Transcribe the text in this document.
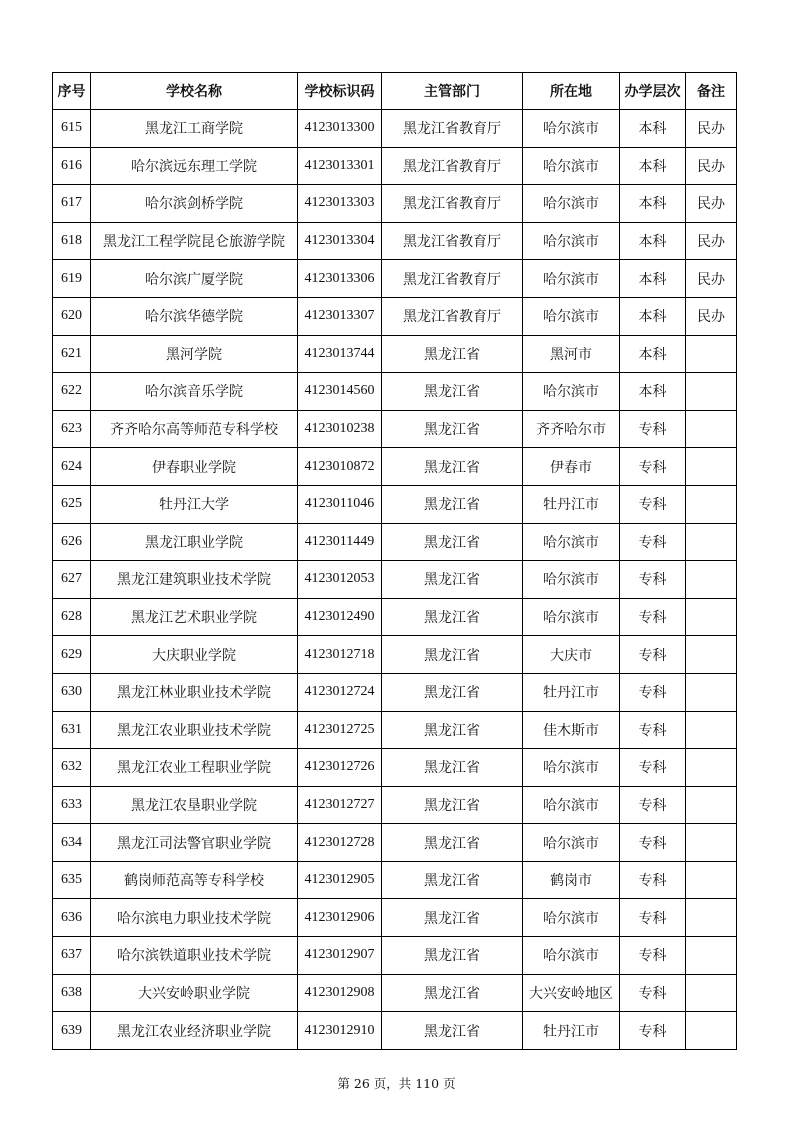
序号	学校名称	学校标识码	主管部门	所在地	办学层次	备注
615	黑龙江工商学院	4123013300	黑龙江省教育厅	哈尔滨市	本科	民办
616	哈尔滨远东理工学院	4123013301	黑龙江省教育厅	哈尔滨市	本科	民办
617	哈尔滨剑桥学院	4123013303	黑龙江省教育厅	哈尔滨市	本科	民办
618	黑龙江工程学院昆仑旅游学院	4123013304	黑龙江省教育厅	哈尔滨市	本科	民办
619	哈尔滨广厦学院	4123013306	黑龙江省教育厅	哈尔滨市	本科	民办
620	哈尔滨华德学院	4123013307	黑龙江省教育厅	哈尔滨市	本科	民办
621	黑河学院	4123013744	黑龙江省	黑河市	本科	
622	哈尔滨音乐学院	4123014560	黑龙江省	哈尔滨市	本科	
623	齐齐哈尔高等师范专科学校	4123010238	黑龙江省	齐齐哈尔市	专科	
624	伊春职业学院	4123010872	黑龙江省	伊春市	专科	
625	牡丹江大学	4123011046	黑龙江省	牡丹江市	专科	
626	黑龙江职业学院	4123011449	黑龙江省	哈尔滨市	专科	
627	黑龙江建筑职业技术学院	4123012053	黑龙江省	哈尔滨市	专科	
628	黑龙江艺术职业学院	4123012490	黑龙江省	哈尔滨市	专科	
629	大庆职业学院	4123012718	黑龙江省	大庆市	专科	
630	黑龙江林业职业技术学院	4123012724	黑龙江省	牡丹江市	专科	
631	黑龙江农业职业技术学院	4123012725	黑龙江省	佳木斯市	专科	
632	黑龙江农业工程职业学院	4123012726	黑龙江省	哈尔滨市	专科	
633	黑龙江农垦职业学院	4123012727	黑龙江省	哈尔滨市	专科	
634	黑龙江司法警官职业学院	4123012728	黑龙江省	哈尔滨市	专科	
635	鹤岗师范高等专科学校	4123012905	黑龙江省	鹤岗市	专科	
636	哈尔滨电力职业技术学院	4123012906	黑龙江省	哈尔滨市	专科	
637	哈尔滨铁道职业技术学院	4123012907	黑龙江省	哈尔滨市	专科	
638	大兴安岭职业学院	4123012908	黑龙江省	大兴安岭地区	专科	
639	黑龙江农业经济职业学院	4123012910	黑龙江省	牡丹江市	专科	
第 26 页，共 110 页
